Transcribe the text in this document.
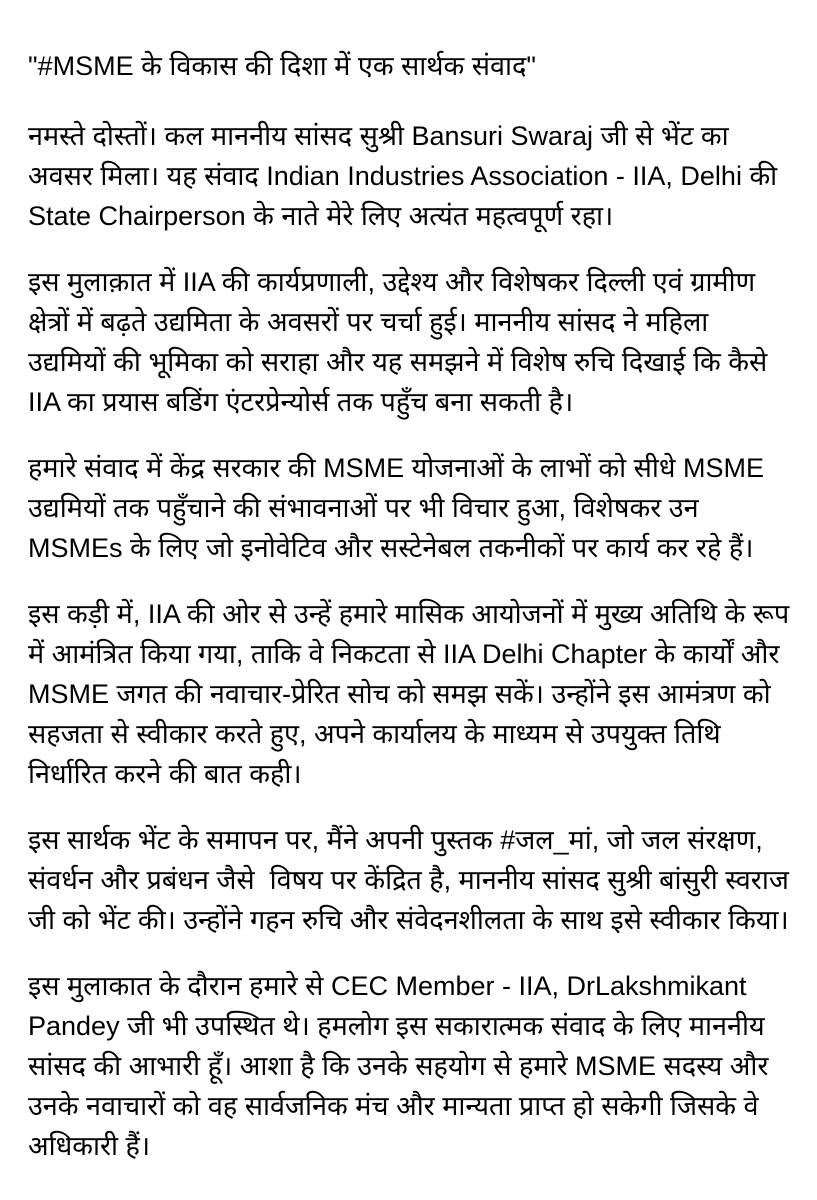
"#MSME के विकास की दिशा में एक सार्थक संवाद"

नमस्ते दोस्तों। कल माननीय सांसद सुश्री Bansuri Swaraj जी से भेंट का अवसर मिला। यह संवाद Indian Industries Association - IIA, Delhi की State Chairperson के नाते मेरे लिए अत्यंत महत्वपूर्ण रहा।

इस मुलाक़ात में IIA की कार्यप्रणाली, उद्देश्य और विशेषकर दिल्ली एवं ग्रामीण क्षेत्रों में बढ़ते उद्यमिता के अवसरों पर चर्चा हुई। माननीय सांसद ने महिला उद्यमियों की भूमिका को सराहा और यह समझने में विशेष रुचि दिखाई कि कैसे IIA का प्रयास बडिंग एंटरप्रेन्योर्स तक पहुँच बना सकती है।

हमारे संवाद में केंद्र सरकार की MSME योजनाओं के लाभों को सीधे MSME उद्यमियों तक पहुँचाने की संभावनाओं पर भी विचार हुआ, विशेषकर उन MSMEs के लिए जो इनोवेटिव और सस्टेनेबल तकनीकों पर कार्य कर रहे हैं।

इस कड़ी में, IIA की ओर से उन्हें हमारे मासिक आयोजनों में मुख्य अतिथि के रूप में आमंत्रित किया गया, ताकि वे निकटता से IIA Delhi Chapter के कार्यों और MSME जगत की नवाचार-प्रेरित सोच को समझ सकें। उन्होंने इस आमंत्रण को सहजता से स्वीकार करते हुए, अपने कार्यालय के माध्यम से उपयुक्त तिथि निर्धारित करने की बात कही।

इस सार्थक भेंट के समापन पर, मैंने अपनी पुस्तक #जल_मां, जो जल संरक्षण, संवर्धन और प्रबंधन जैसे  विषय पर केंद्रित है, माननीय सांसद सुश्री बांसुरी स्वराज जी को भेंट की। उन्होंने गहन रुचि और संवेदनशीलता के साथ इसे स्वीकार किया।

इस मुलाकात के दौरान हमारे से CEC Member - IIA, DrLakshmikant Pandey जी भी उपस्थित थे। हमलोग इस सकारात्मक संवाद के लिए माननीय सांसद की आभारी हूँ। आशा है कि उनके सहयोग से हमारे MSME सदस्य और उनके नवाचारों को वह सार्वजनिक मंच और मान्यता प्राप्त हो सकेगी जिसके वे अधिकारी हैं।
